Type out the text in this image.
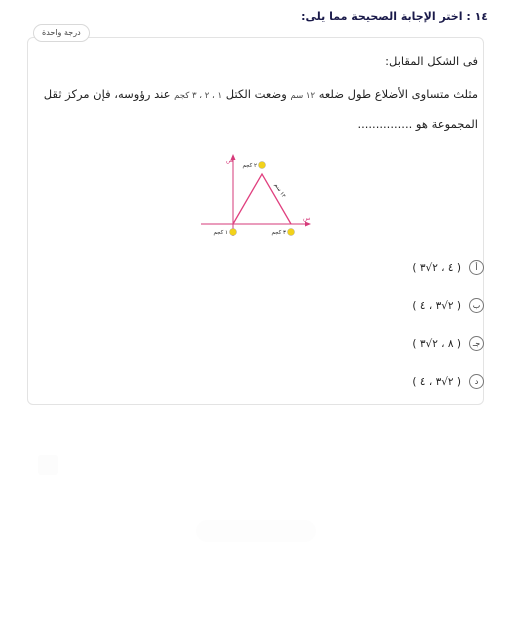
١٤ : اختر الإجابة الصحيحة مما يلى:
درجة واحدة
فى الشكل المقابل:
مثلث متساوى الأضلاع طول ضلعه ١٢ سم وضعت الكتل ١ ، ٢ ، ٣ كجم عند رؤوسه، فإن مركز ثقل
المجموعة هو ...............
ص
س
٢ كجم
١ كجم	٣ كجم
١٢ سم
أ
( ٤ ، ٢√٣ )
ب
( ٢√٣ ، ٤ )
جـ
( ٨ ، ٢√٣ )
د
( ٢√٣ ، ٤ )
